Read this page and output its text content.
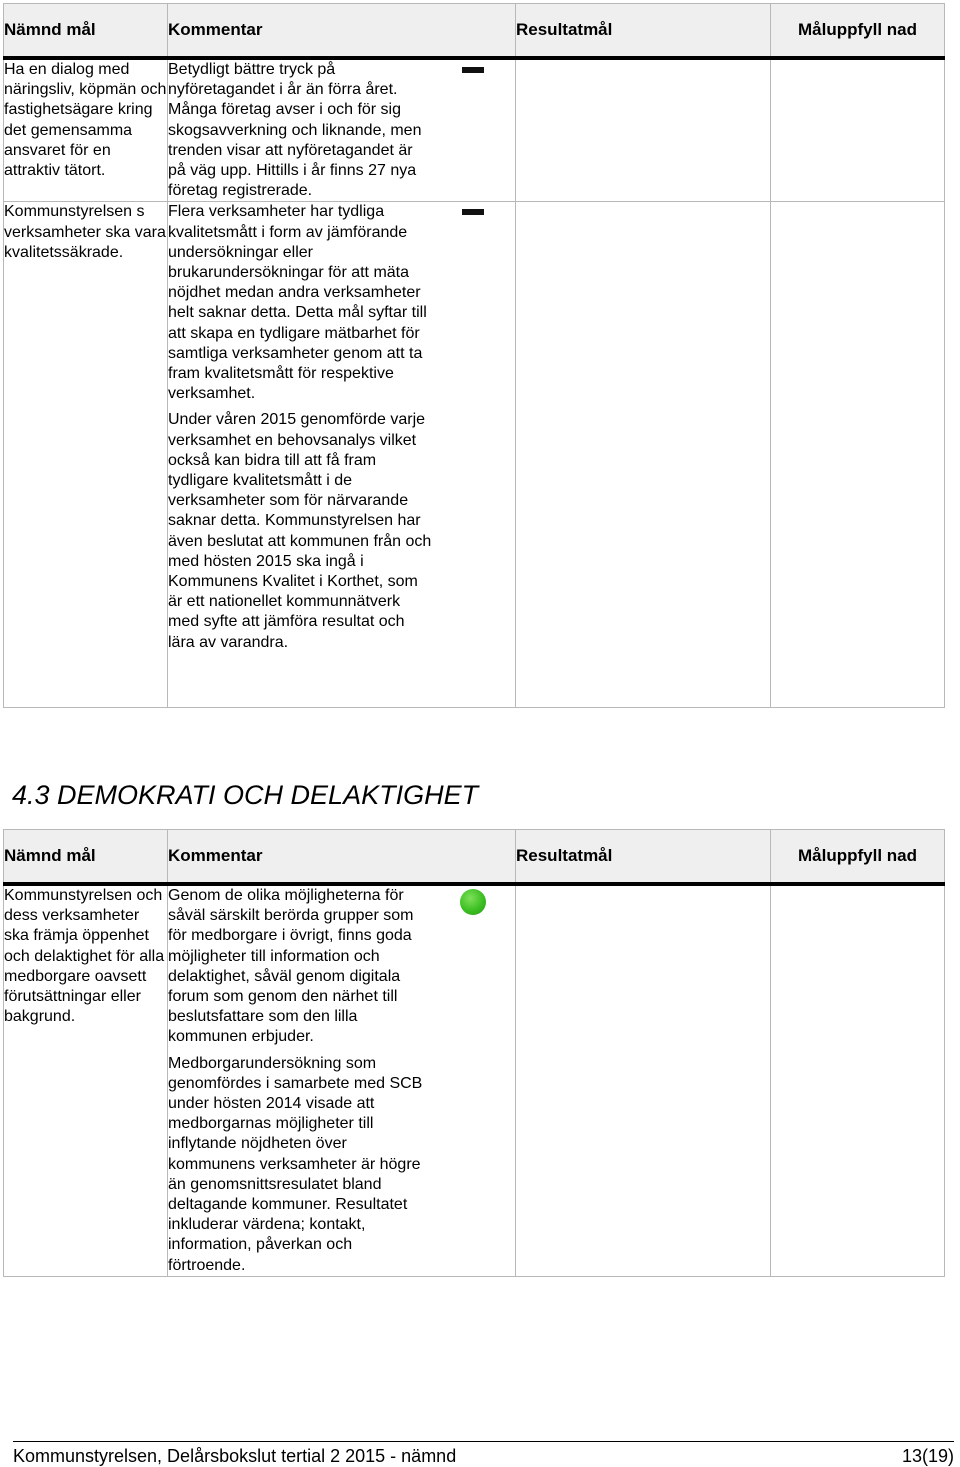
Nämnd mål	Kommentar		Resultatmål	Måluppfyll nad
Ha en dialog med näringsliv, köpmän och fastighetsägare kring det gemensamma ansvaret för en attraktiv tätort.	Betydligt bättre tryck på nyföretagandet i år än förra året. Många företag avser i och för sig skogsavverkning och liknande, men trenden visar att nyföretagandet är på väg upp. Hittills i år finns 27 nya företag registrerade.			

Kommunstyrelsen s verksamheter ska vara kvalitetssäkrade.	Flera verksamheter har tydliga kvalitetsmått i form av jämförande undersökningar eller brukarundersökningar för att mäta nöjdhet medan andra verksamheter helt saknar detta. Detta mål syftar till att skapa en tydligare mätbarhet för samtliga verksamheter genom att ta fram kvalitetsmått för respektive verksamhet.

Under våren 2015 genomförde varje verksamhet en behovsanalys vilket också kan bidra till att få fram tydligare kvalitetsmått i de verksamheter som för närvarande saknar detta. Kommunstyrelsen har även beslutat att kommunen från och med hösten 2015 ska ingå i Kommunens Kvalitet i Korthet, som är ett nationellet kommunnätverk med syfte att jämföra resultat och lära av varandra.			

4.3 DEMOKRATI OCH DELAKTIGHET
Nämnd mål	Kommentar		Resultatmål	Måluppfyll nad
Kommunstyrelsen och dess verksamheter ska främja öppenhet och delaktighet för alla medborgare oavsett förutsättningar eller bakgrund.	Genom de olika möjligheterna för såväl särskilt berörda grupper som för medborgare i övrigt, finns goda möjligheter till information och delaktighet, såväl genom digitala forum som genom den närhet till beslutsfattare som den lilla kommunen erbjuder.

Medborgarundersökning som genomfördes i samarbete med SCB under hösten 2014 visade att medborgarnas möjligheter till inflytande nöjdheten över kommunens verksamheter är högre än genomsnittsresulatet bland deltagande kommuner. Resultatet inkluderar värdena; kontakt, information, påverkan och förtroende.			

Kommunstyrelsen, Delårsbokslut tertial 2 2015 - nämnd	13(19)
